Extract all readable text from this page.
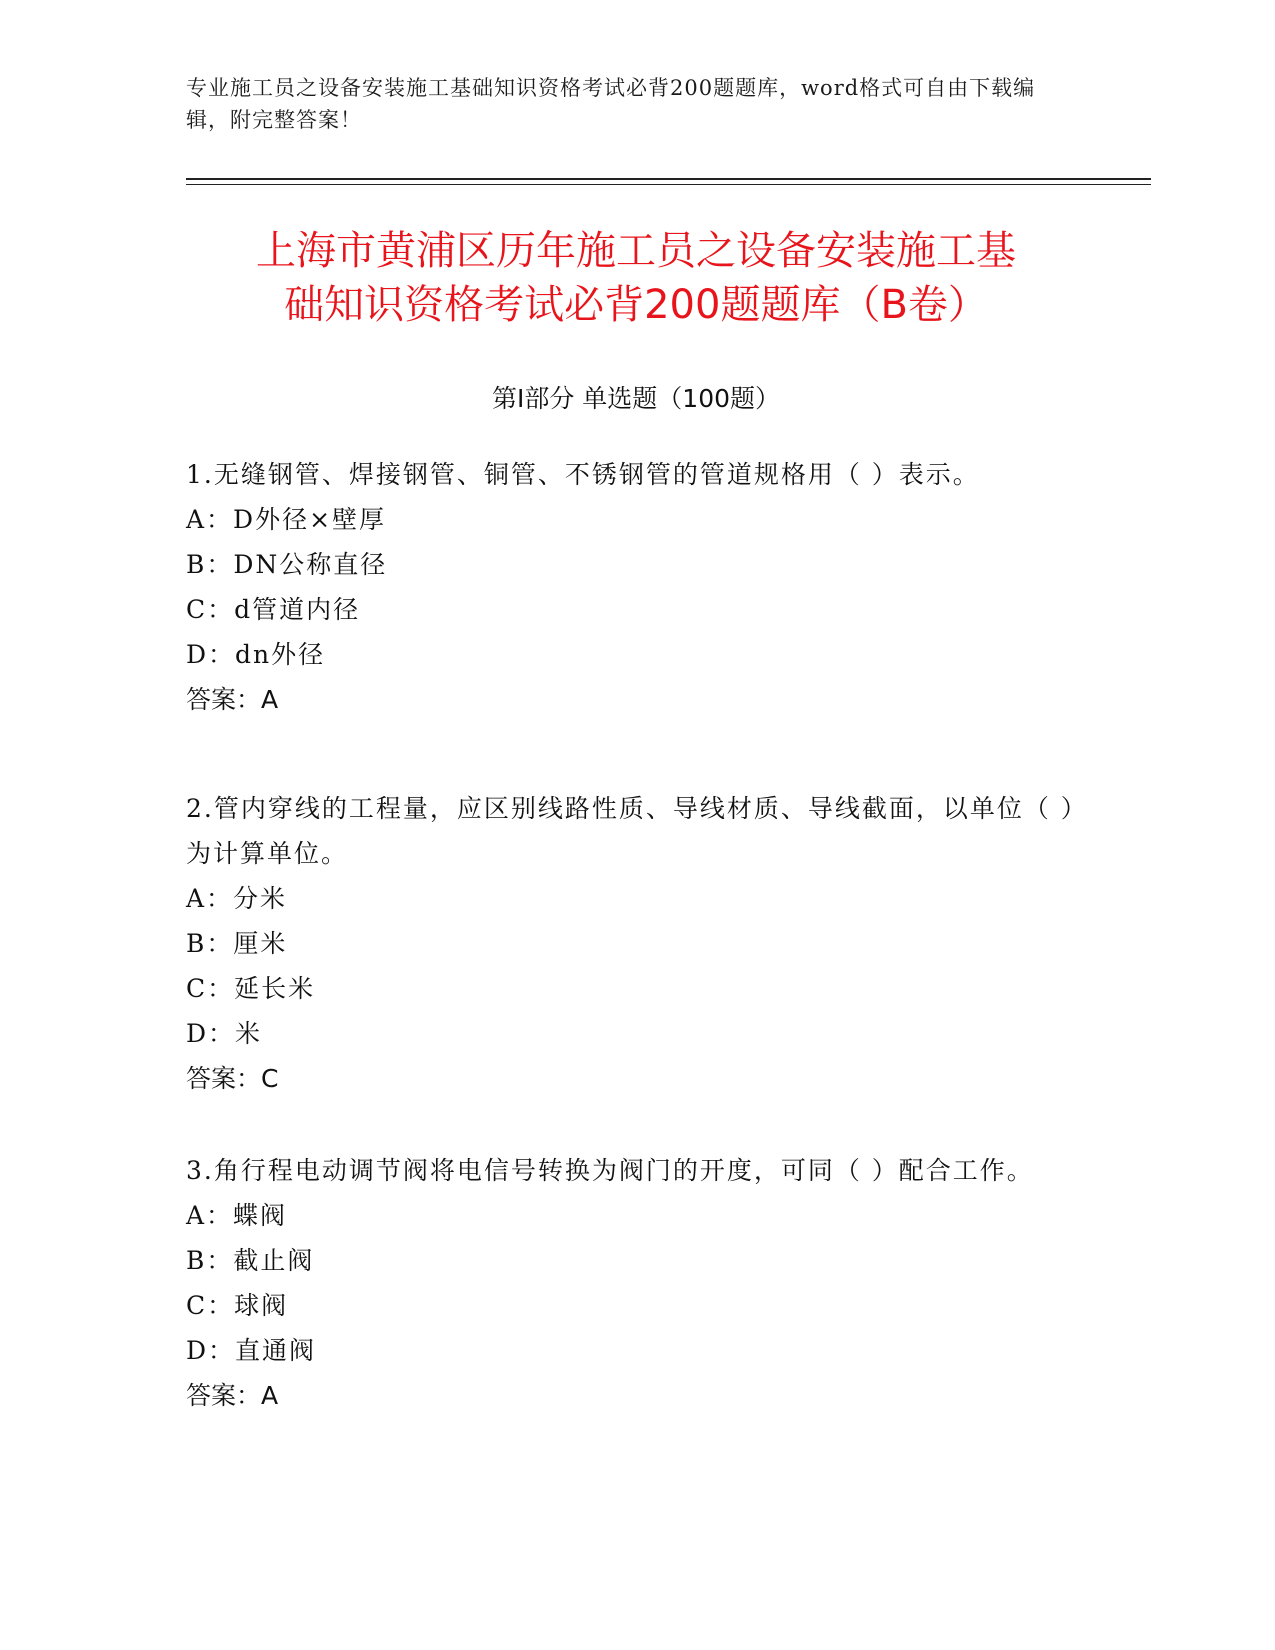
专业施工员之设备安装施工基础知识资格考试必背200题题库，word格式可自由下载编辑，附完整答案！
上海市黄浦区历年施工员之设备安装施工基
础知识资格考试必背200题题库（B卷）
第Ⅰ部分 单选题（100题）
1.无缝钢管、焊接钢管、铜管、不锈钢管的管道规格用（ ）表示。
A：D外径×壁厚
B：DN公称直径
C：d管道内径
D：dn外径
答案：A
2.管内穿线的工程量，应区别线路性质、导线材质、导线截面，以单位（ ）为计算单位。
A：分米
B：厘米
C：延长米
D：米
答案：C
3.角行程电动调节阀将电信号转换为阀门的开度，可同（ ）配合工作。
A：蝶阀
B：截止阀
C：球阀
D：直通阀
答案：A
